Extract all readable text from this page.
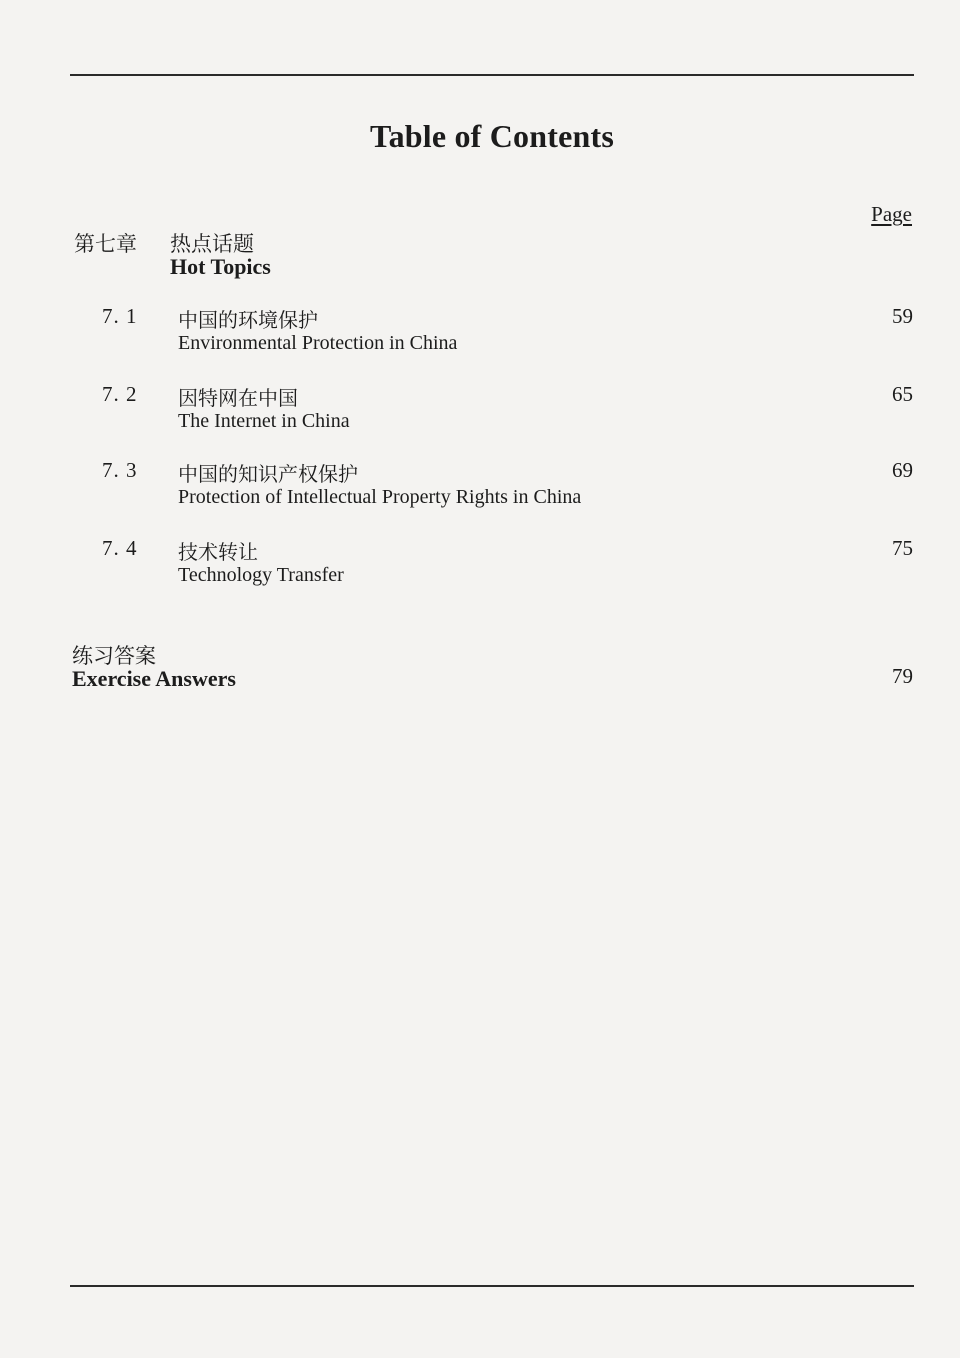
Table of Contents
Page
第七章 热点话题
Hot Topics
7. 1 中国的环境保护
Environmental Protection in China
59
7. 2 因特网在中国
The Internet in China
65
7. 3 中国的知识产权保护
Protection of Intellectual Property Rights in China
69
7. 4 技术转让
Technology Transfer
75
练习答案
Exercise Answers	79
